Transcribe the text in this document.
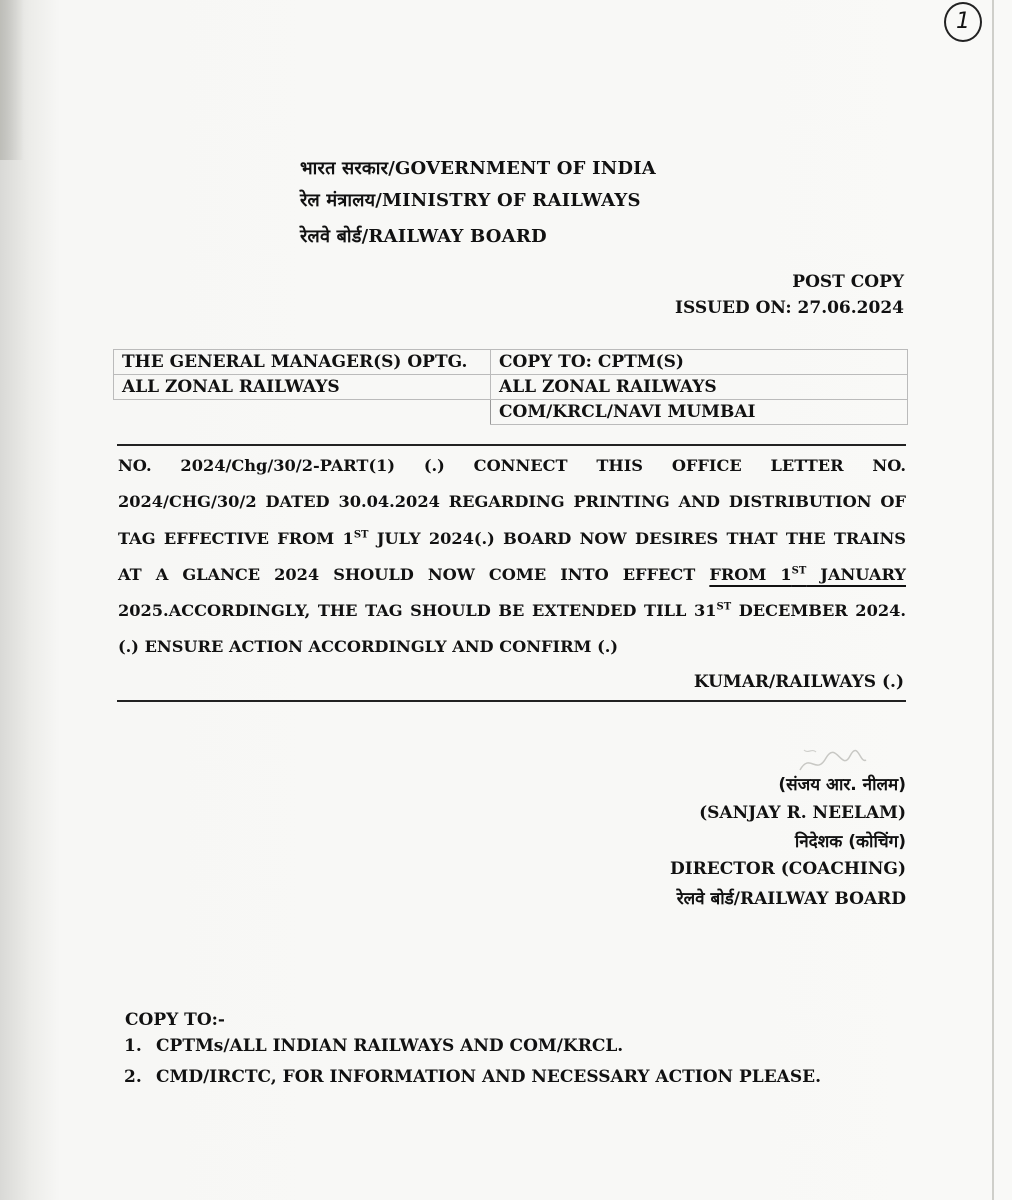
1
भारत सरकार/GOVERNMENT OF INDIA
रेल मंत्रालय/MINISTRY OF RAILWAYS
रेलवे बोर्ड/RAILWAY BOARD
POST COPY
ISSUED ON: 27.06.2024
THE GENERAL MANAGER(S) OPTG.	COPY TO: CPTM(S)
ALL ZONAL RAILWAYS	ALL ZONAL RAILWAYS
	COM/KRCL/NAVI MUMBAI
NO. 2024/Chg/30/2-PART(1) (.) CONNECT THIS OFFICE LETTER NO.
2024/CHG/30/2 DATED 30.04.2024 REGARDING PRINTING AND DISTRIBUTION OF
TAG EFFECTIVE FROM 1ST JULY 2024(.) BOARD NOW DESIRES THAT THE TRAINS
AT A GLANCE 2024 SHOULD NOW COME INTO EFFECT FROM 1ST JANUARY
2025.ACCORDINGLY, THE TAG SHOULD BE EXTENDED TILL 31ST DECEMBER 2024.
(.) ENSURE ACTION ACCORDINGLY AND CONFIRM (.)
KUMAR/RAILWAYS (.)
(संजय आर. नीलम)
(SANJAY R. NEELAM)
निदेशक (कोचिंग)
DIRECTOR (COACHING)
रेलवे बोर्ड/RAILWAY BOARD
COPY TO:-
1. CPTMs/ALL INDIAN RAILWAYS AND COM/KRCL.
2. CMD/IRCTC, FOR INFORMATION AND NECESSARY ACTION PLEASE.
